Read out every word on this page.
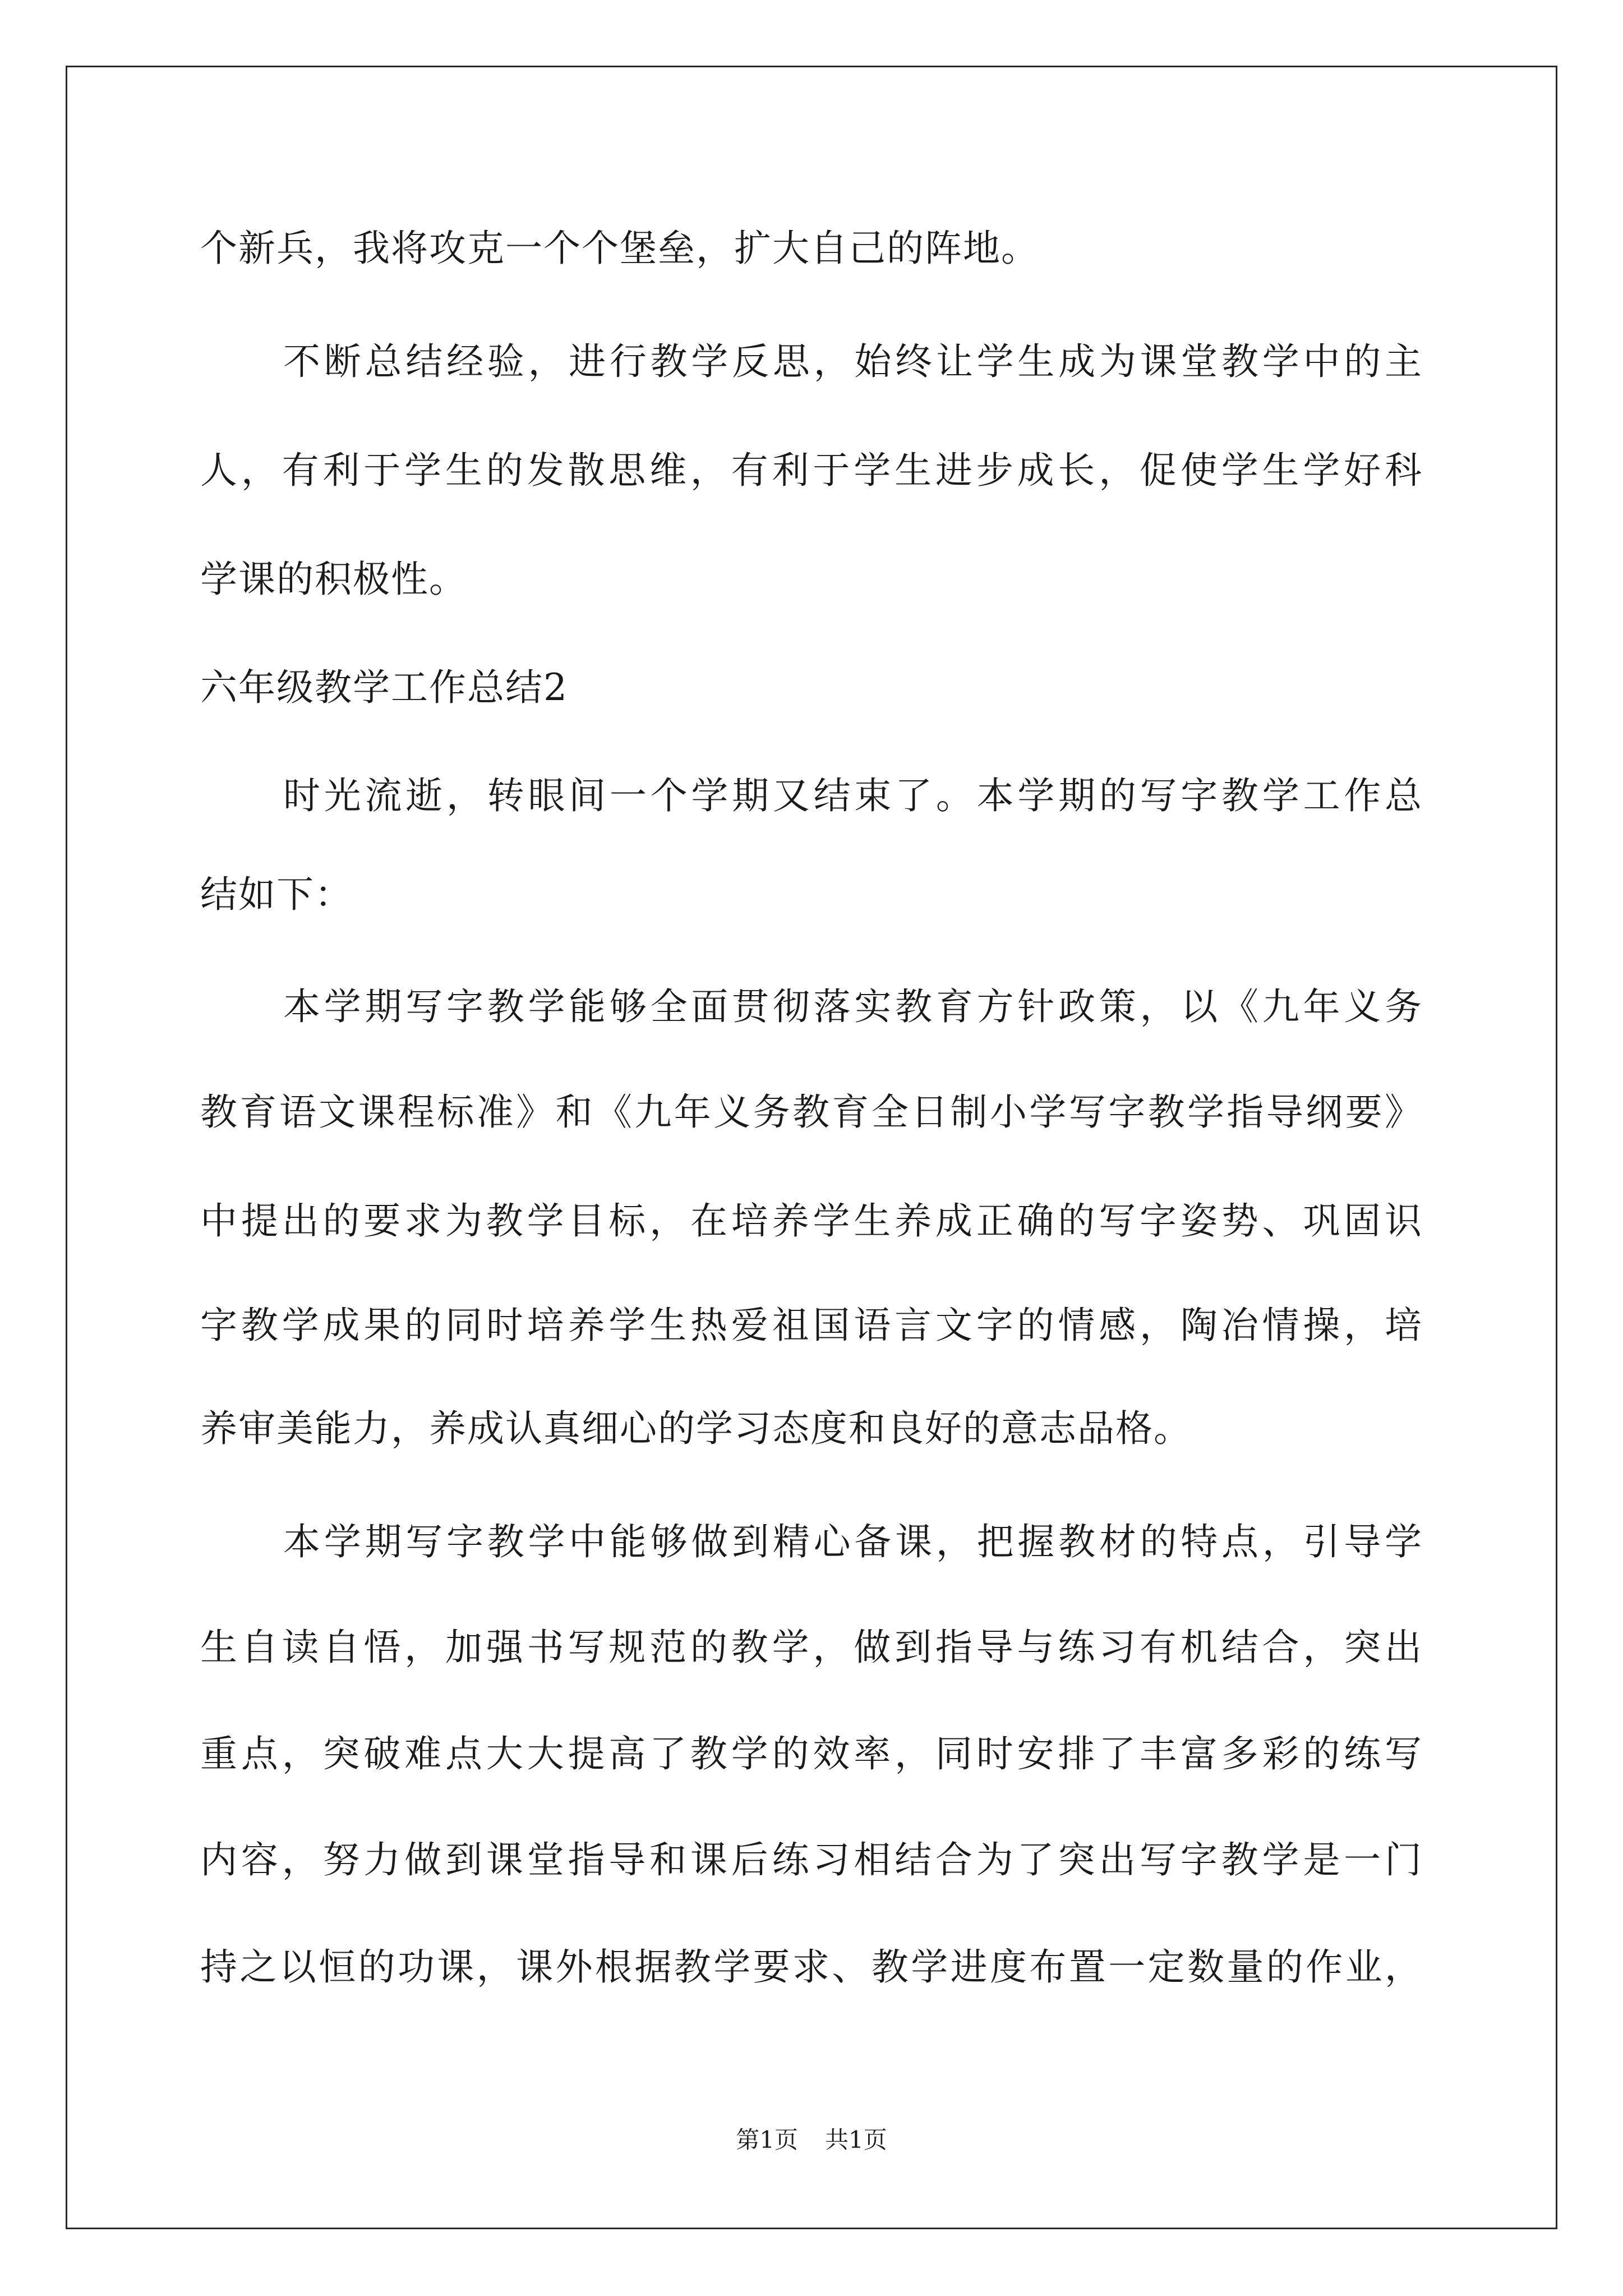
个新兵，我将攻克一个个堡垒，扩大自己的阵地。
不断总结经验，进行教学反思，始终让学生成为课堂教学中的主
人，有利于学生的发散思维，有利于学生进步成长，促使学生学好科
学课的积极性。
六年级教学工作总结2
时光流逝，转眼间一个学期又结束了。本学期的写字教学工作总
结如下：
本学期写字教学能够全面贯彻落实教育方针政策，以《九年义务
教育语文课程标准》和《九年义务教育全日制小学写字教学指导纲要》
中提出的要求为教学目标，在培养学生养成正确的写字姿势、巩固识
字教学成果的同时培养学生热爱祖国语言文字的情感，陶冶情操，培
养审美能力，养成认真细心的学习态度和良好的意志品格。
本学期写字教学中能够做到精心备课，把握教材的特点，引导学
生自读自悟，加强书写规范的教学，做到指导与练习有机结合，突出
重点，突破难点大大提高了教学的效率，同时安排了丰富多彩的练写
内容，努力做到课堂指导和课后练习相结合为了突出写字教学是一门
持之以恒的功课，课外根据教学要求、教学进度布置一定数量的作业，
第1页 共1页
